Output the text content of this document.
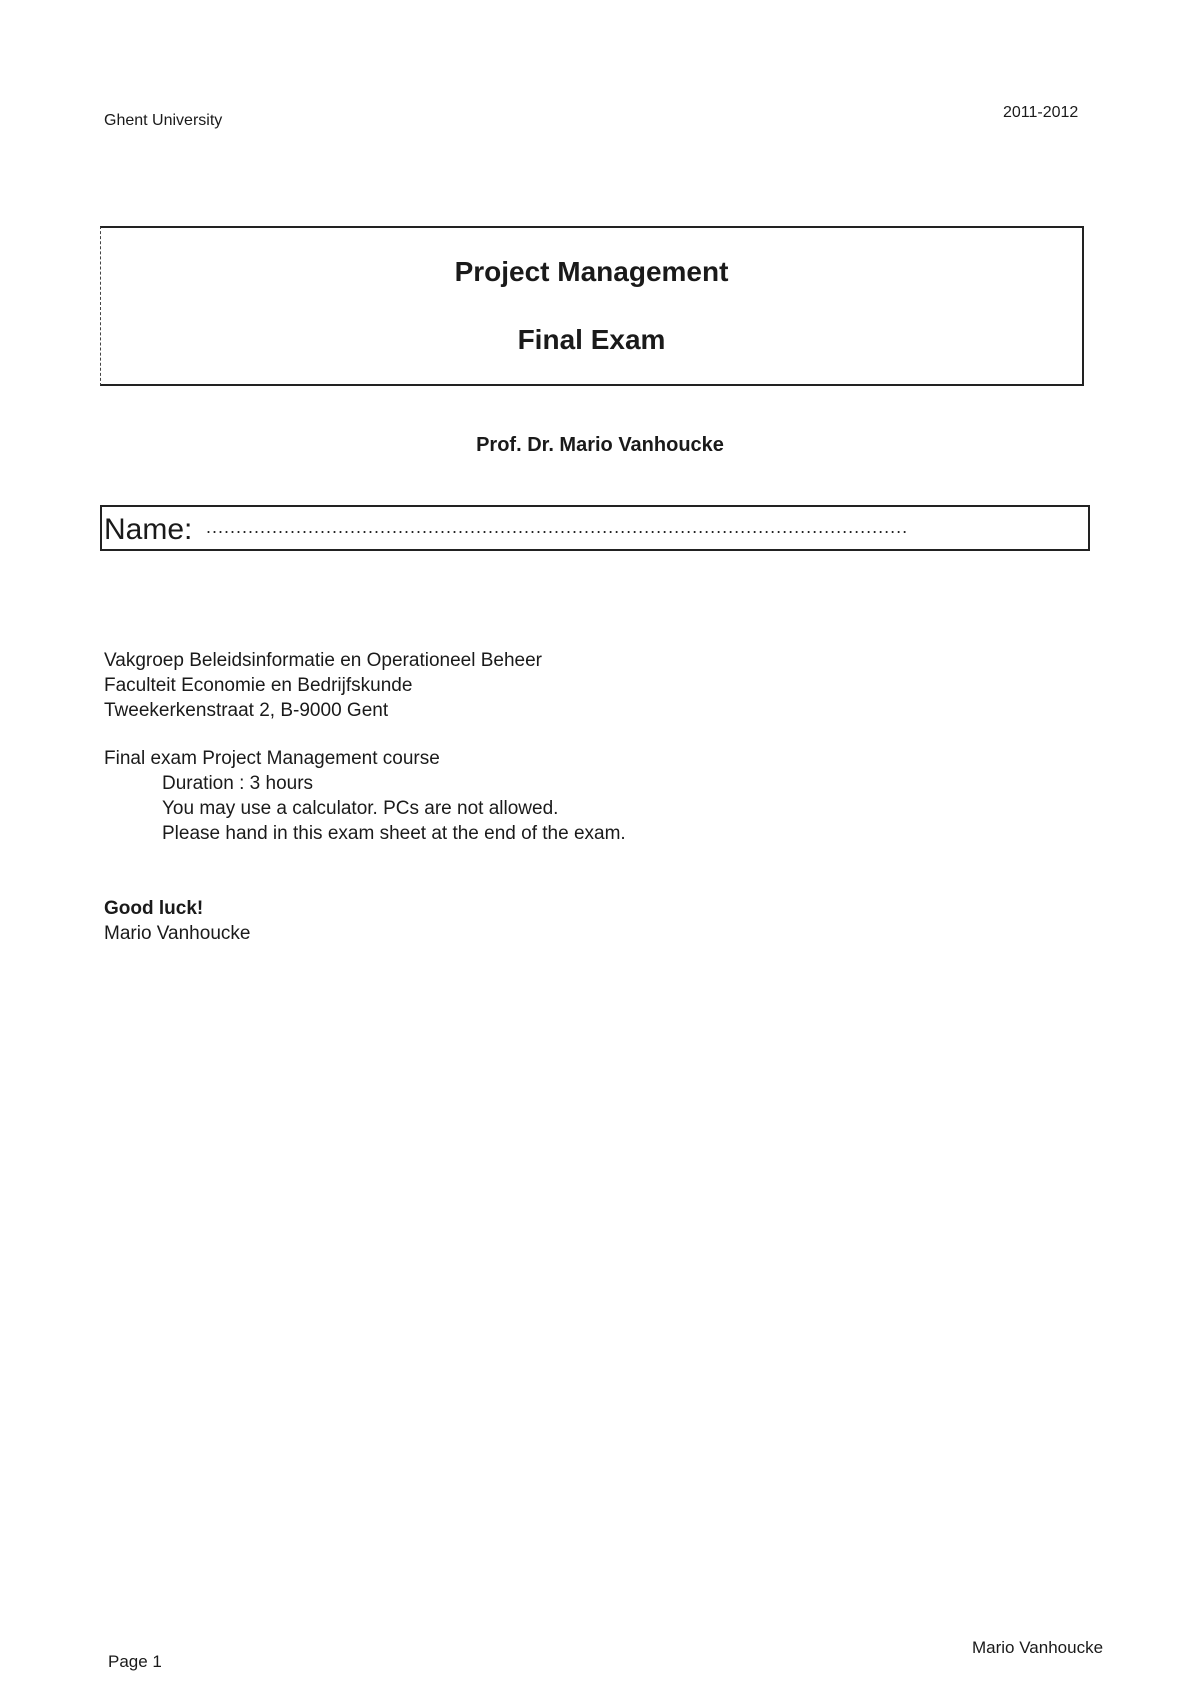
Ghent University	2011-2012
Project Management
Final Exam
Prof. Dr. Mario Vanhoucke
Name: .....................................................................................................................
Vakgroep Beleidsinformatie en Operationeel Beheer
Faculteit Economie en Bedrijfskunde
Tweekerkenstraat 2, B-9000 Gent
Final exam Project Management course
Duration : 3 hours
You may use a calculator. PCs are not allowed.
Please hand in this exam sheet at the end of the exam.
Good luck!
Mario Vanhoucke
Page 1
Mario Vanhoucke
